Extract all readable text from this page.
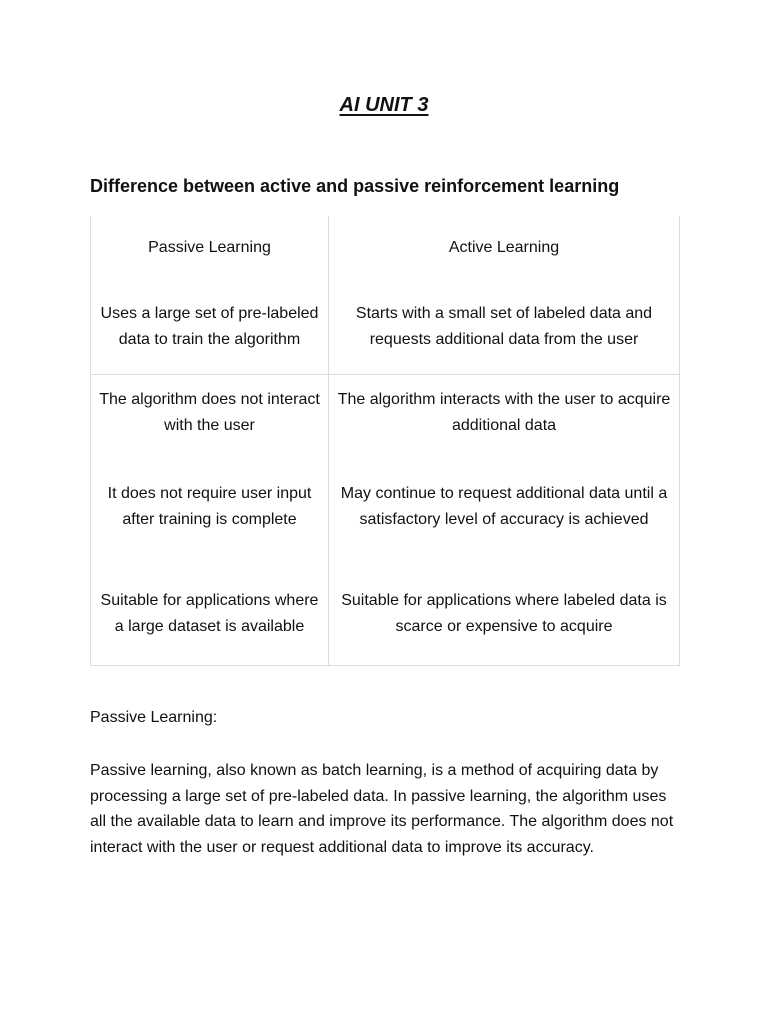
AI UNIT 3
Difference between active and passive reinforcement learning
Passive Learning	Active Learning
Uses a large set of pre-labeled data to train the algorithm	Starts with a small set of labeled data and requests additional data from the user
The algorithm does not interact with the user	The algorithm interacts with the user to acquire additional data
It does not require user input after training is complete	May continue to request additional data until a satisfactory level of accuracy is achieved
Suitable for applications where a large dataset is available	Suitable for applications where labeled data is scarce or expensive to acquire

Passive Learning:

Passive learning, also known as batch learning, is a method of acquiring data by processing a large set of pre-labeled data. In passive learning, the algorithm uses all the available data to learn and improve its performance. The algorithm does not interact with the user or request additional data to improve its accuracy.
